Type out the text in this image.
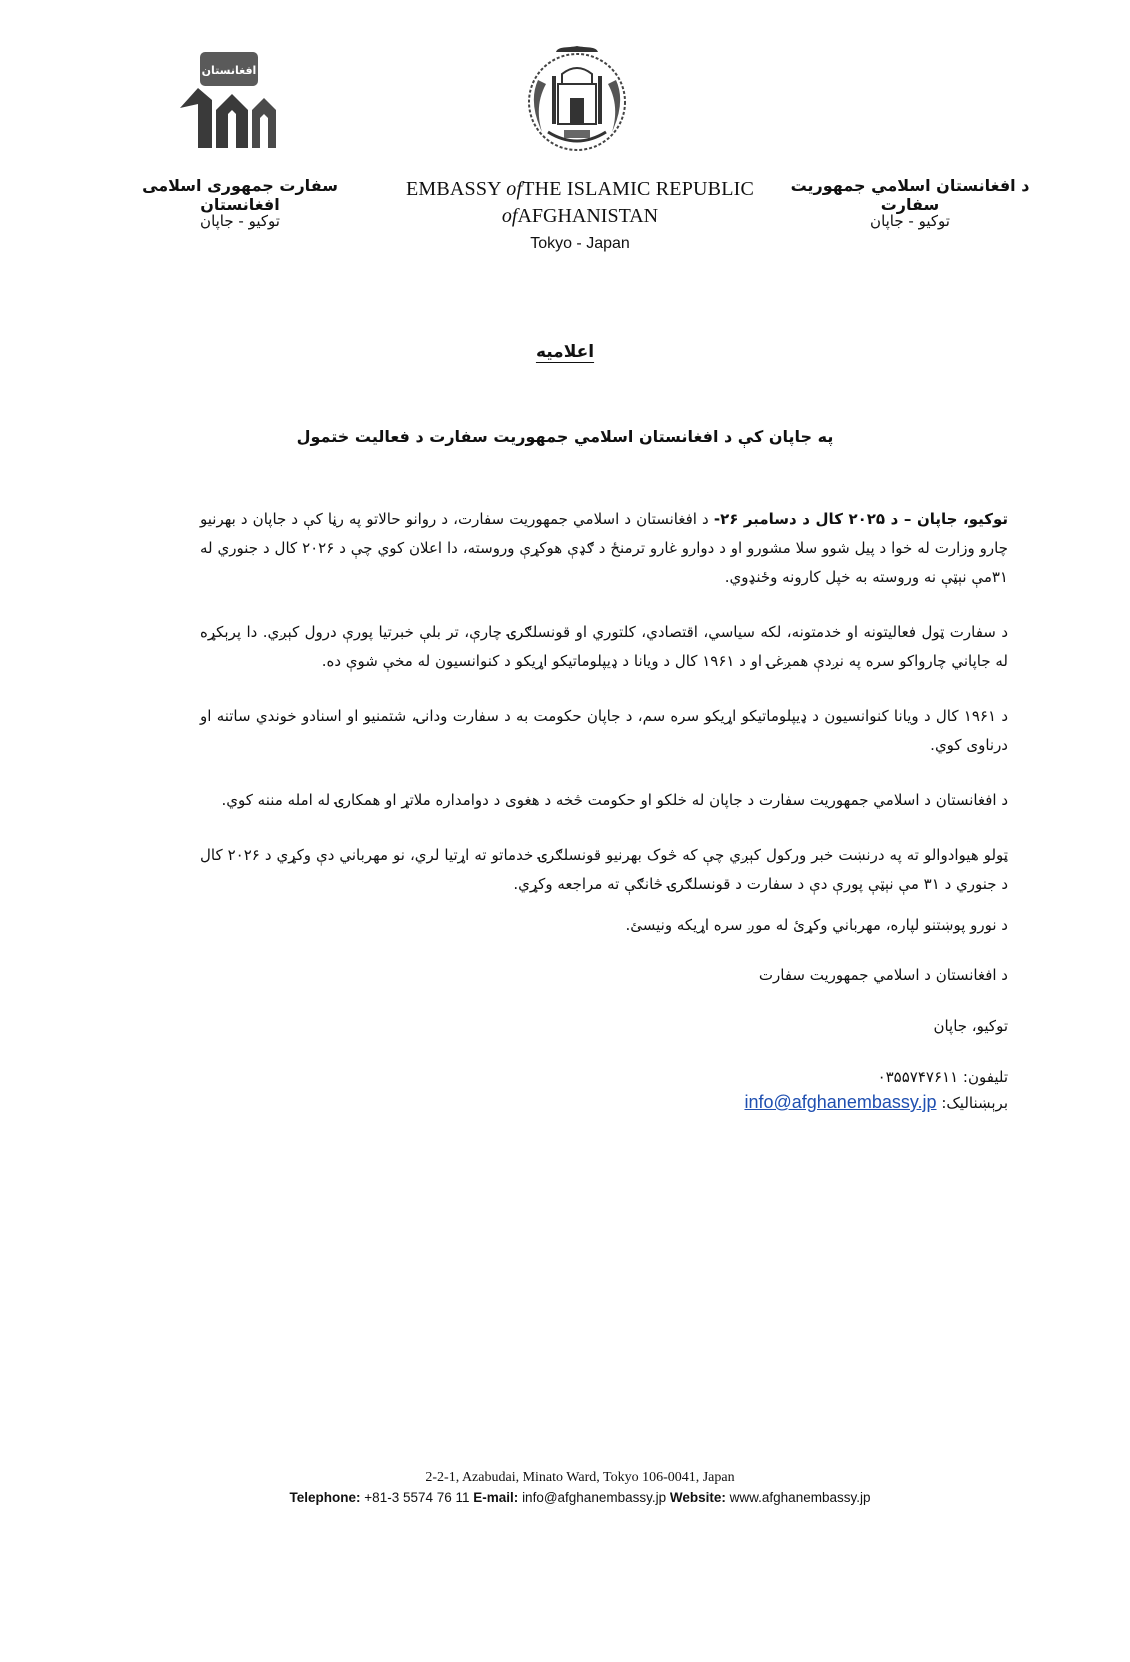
افغانستان
سفارت جمهوری اسلامی افغانستان
توکیو - جاپان
EMBASSY ofTHE ISLAMIC REPUBLIC
ofAFGHANISTAN
Tokyo - Japan
د افغانستان اسلامي جمهوريت سفارت
توکیو - جاپان
اعلامیه
په جاپان کې د افغانستان اسلامي جمهوريت سفارت د فعاليت ختمول

توکيو، جاپان – د ۲۰۲۵ کال د دسامبر ۲۶- د افغانستان د اسلامي جمهوريت سفارت، د روانو حالاتو په رڼا کې د جاپان د بهرنيو چارو وزارت له خوا د پيل شوو سلا مشورو او د دوارو غارو ترمنځ د ګډې هوکړې وروسته، دا اعلان کوي چې د ۲۰۲۶ کال د جنوري له ۳۱مې نېټې نه وروسته به خپل کارونه وځنډوي.

د سفارت ټول فعاليتونه او خدمتونه، لکه سياسي، اقتصادي، کلتوري او قونسلګرۍ چارې، تر بلې خبرتيا پورې درول کېږي. دا پرېکړه له جاپاني چارواکو سره په نږدې همږغۍ او د ۱۹۶۱ کال د ويانا د ډيپلوماتيکو اړيکو د کنوانسيون له مخې شوې ده.

د ۱۹۶۱ کال د ويانا کنوانسيون د ډيپلوماتيکو اړيکو سره سم، د جاپان حکومت به د سفارت ودانۍ، شتمنيو او اسنادو خوندي ساتنه او درناوی کوي.

د افغانستان د اسلامي جمهوريت سفارت د جاپان له خلکو او حکومت څخه د هغوی د دوامداره ملاتړ او همکارۍ له امله مننه کوي.

ټولو هيوادوالو ته په درنښت خبر ورکول کېږي چې که څوک بهرنيو قونسلګرۍ خدماتو ته اړتيا لري، نو مهرباني دې وکړي د ۲۰۲۶ کال د جنوري د ۳۱ مې نېټې پورې دې د سفارت د قونسلګرۍ څانګې ته مراجعه وکړي.

د نورو پوښتنو لپاره، مهرباني وکړئ له موږ سره اړيکه ونيسئ.
د افغانستان د اسلامي جمهوريت سفارت
توکيو، جاپان
تليفون: ۰۳۵۵۷۴۷۶۱۱
برېښناليک: info@afghanembassy.jp
2-2-1, Azabudai, Minato Ward, Tokyo 106-0041, Japan
Telephone: +81-3 5574 76 11 E-mail: info@afghanembassy.jp Website: www.afghanembassy.jp
